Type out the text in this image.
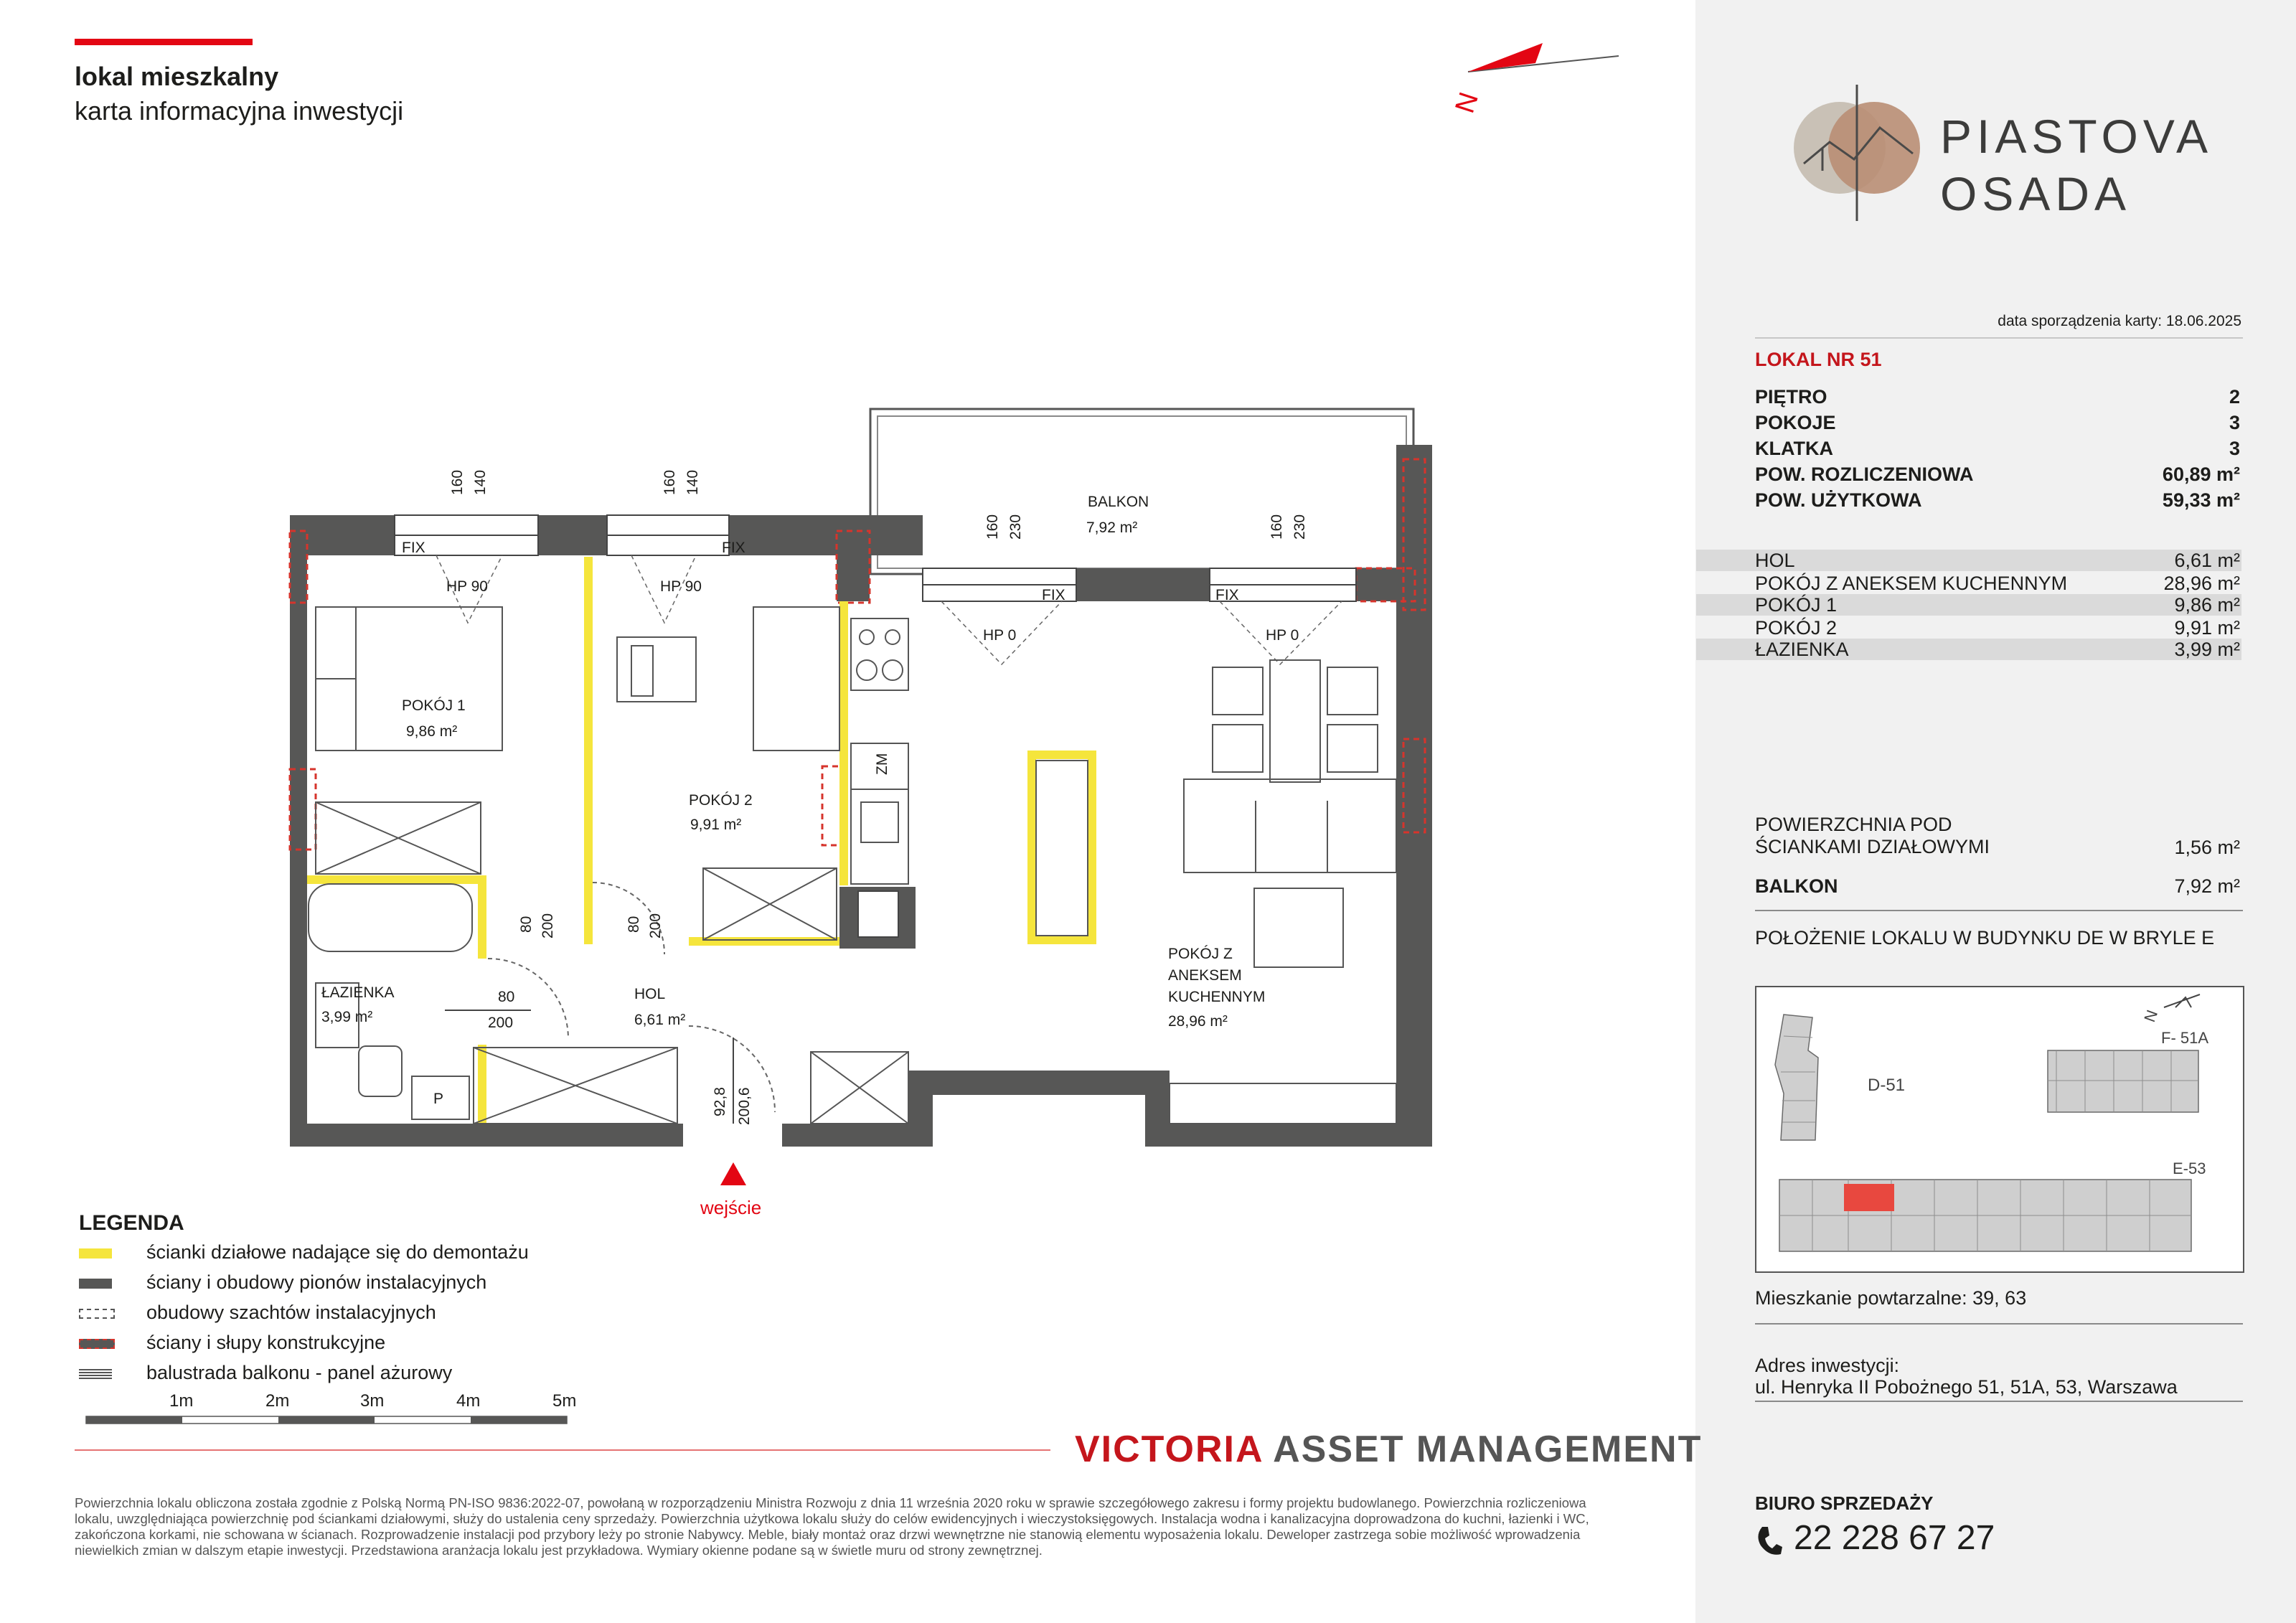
lokal mieszkalny
karta informacyjna inwestycji	PIASTOVA
OSADA
data sporządzenia karty: 18.06.2025
LOKAL NR 51
PIĘTRO	2
POKOJE	3
KLATKA	3
POW. ROZLICZENIOWA	60,89 m²
POW. UŻYTKOWA	59,33 m²
HOL	6,61 m²
POKÓJ Z ANEKSEM KUCHENNYM	28,96 m²
POKÓJ 1	9,86 m²
POKÓJ 2	9,91 m²
ŁAZIENKA	3,99 m²
POWIERZCHNIA POD
ŚCIANKAMI DZIAŁOWYMI	1,56 m²
BALKON	7,92 m²
POŁOŻENIE LOKALU W BUDYNKU DE W BRYLE E
D-51
F- 51A
N
E-53
Mieszkanie powtarzalne: 39, 63
Adres inwestycji:
ul. Henryka II Pobożnego 51, 51A, 53, Warszawa
BIURO SPRZEDAŻY
22 228 67 27
N
POKÓJ 1
9,86 m²
POKÓJ 2
9,91 m²
ŁAZIENKA
3,99 m²
HOL
6,61 m²
POKÓJ Z
ANEKSEM
KUCHENNYM
28,96 m²
BALKON
7,92 m²
FIX	FIX
FIX	FIX
HP 90	HP 90
HP 0	HP 0
ZM
P
160 140	160 140
160 230	160 230
80 200	80 200
80
200
92,8 200,6
wejście
LEGENDA
ścianki działowe nadające się do demontażu
ściany i obudowy pionów instalacyjnych
obudowy szachtów instalacyjnych
ściany i słupy konstrukcyjne
balustrada balkonu - panel ażurowy
1m	2m	3m	4m	5m
VICTORIA ASSET MANAGEMENT
Powierzchnia lokalu obliczona została zgodnie z Polską Normą PN-ISO 9836:2022-07, powołaną w rozporządzeniu Ministra Rozwoju z dnia 11 września 2020 roku w sprawie szczegółowego zakresu i formy projektu budowlanego. Powierzchnia rozliczeniowa lokalu, uwzględniająca powierzchnię pod ściankami działowymi, służy do ustalenia ceny sprzedaży. Powierzchnia użytkowa lokalu służy do celów ewidencyjnych i wieczystoksięgowych. Instalacja wodna i kanalizacyjna doprowadzona do kuchni, łazienki i WC, zakończona korkami, nie schowana w ścianach. Rozprowadzenie instalacji pod przybory leży po stronie Nabywcy. Meble, biały montaż oraz drzwi wewnętrzne nie stanowią elementu wyposażenia lokalu. Deweloper zastrzega sobie możliwość wprowadzenia niewielkich zmian w dalszym etapie inwestycji. Przedstawiona aranżacja lokalu jest przykładowa. Wymiary okienne podane są w świetle muru od strony zewnętrznej.
